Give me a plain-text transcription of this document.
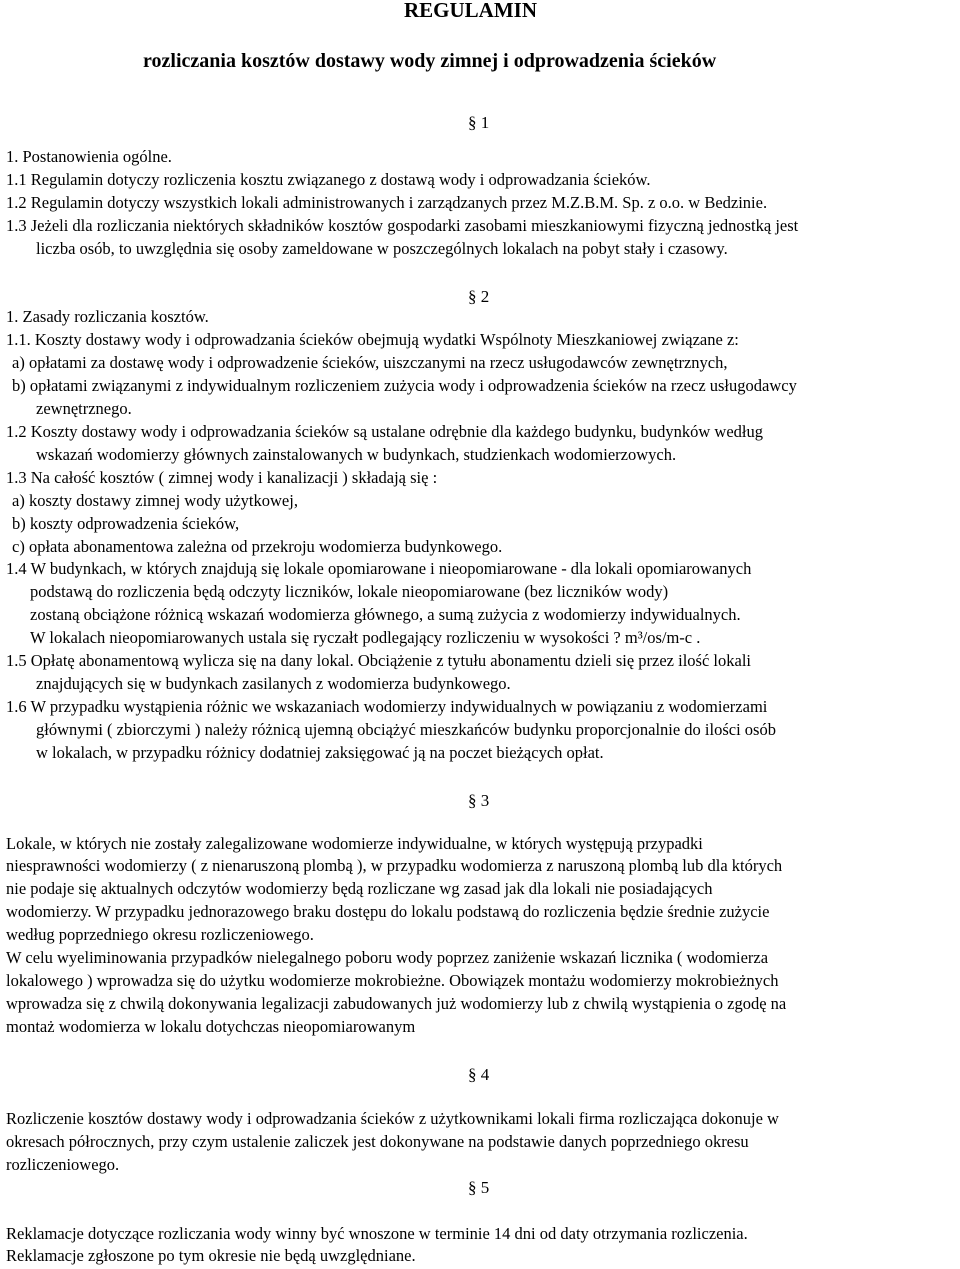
REGULAMIN
rozliczania kosztów dostawy wody zimnej i odprowadzenia ścieków
§ 1
1. Postanowienia ogólne.
1.1 Regulamin dotyczy rozliczenia kosztu związanego z dostawą wody i odprowadzania ścieków.
1.2 Regulamin dotyczy wszystkich lokali administrowanych i zarządzanych przez M.Z.B.M. Sp. z o.o. w Bedzinie.
1.3 Jeżeli dla rozliczania niektórych składników kosztów gospodarki zasobami mieszkaniowymi fizyczną jednostką jest
liczba osób, to uwzględnia się osoby zameldowane w poszczególnych lokalach na pobyt stały i czasowy.
§ 2
1. Zasady rozliczania kosztów.
1.1. Koszty dostawy wody i odprowadzania ścieków obejmują wydatki Wspólnoty Mieszkaniowej związane z:
a) opłatami za dostawę wody i odprowadzenie ścieków, uiszczanymi na rzecz usługodawców zewnętrznych,
b) opłatami związanymi z indywidualnym rozliczeniem zużycia wody i odprowadzenia ścieków na rzecz usługodawcy
zewnętrznego.
1.2 Koszty dostawy wody i odprowadzania ścieków są ustalane odrębnie dla każdego budynku, budynków według
wskazań wodomierzy głównych zainstalowanych w budynkach, studzienkach wodomierzowych.
1.3 Na całość kosztów ( zimnej wody i kanalizacji ) składają się :
a) koszty dostawy zimnej wody użytkowej,
b) koszty odprowadzenia ścieków,
c) opłata abonamentowa zależna od przekroju wodomierza budynkowego.
1.4 W budynkach, w których znajdują się lokale opomiarowane i nieopomiarowane - dla lokali opomiarowanych
podstawą do rozliczenia będą odczyty liczników, lokale nieopomiarowane (bez liczników wody)
zostaną obciążone różnicą wskazań wodomierza głównego, a sumą zużycia z wodomierzy indywidualnych.
W lokalach nieopomiarowanych ustala się ryczałt podlegający rozliczeniu w wysokości ? m³/os/m-c .
1.5 Opłatę abonamentową wylicza się na dany lokal. Obciążenie z tytułu abonamentu dzieli się przez ilość lokali
znajdujących się w budynkach zasilanych z wodomierza budynkowego.
1.6 W przypadku wystąpienia różnic we wskazaniach wodomierzy indywidualnych w powiązaniu z wodomierzami
głównymi ( zbiorczymi ) należy różnicą ujemną obciążyć mieszkańców budynku proporcjonalnie do ilości osób
w lokalach, w przypadku różnicy dodatniej zaksięgować ją na poczet bieżących opłat.
§ 3
Lokale, w których nie zostały zalegalizowane wodomierze indywidualne, w których występują przypadki
niesprawności wodomierzy ( z nienaruszoną plombą ), w przypadku wodomierza z naruszoną plombą lub dla których
nie podaje się aktualnych odczytów wodomierzy będą rozliczane wg zasad jak dla lokali nie posiadających
wodomierzy. W przypadku jednorazowego braku dostępu do lokalu podstawą do rozliczenia będzie średnie zużycie
według poprzedniego okresu rozliczeniowego.
W celu wyeliminowania przypadków nielegalnego poboru wody poprzez zaniżenie wskazań licznika ( wodomierza
lokalowego ) wprowadza się do użytku wodomierze mokrobieżne. Obowiązek montażu wodomierzy mokrobieżnych
wprowadza się z chwilą dokonywania legalizacji zabudowanych już wodomierzy lub z chwilą wystąpienia o zgodę na
montaż wodomierza w lokalu dotychczas nieopomiarowanym
§ 4
Rozliczenie kosztów dostawy wody i odprowadzania ścieków z użytkownikami lokali firma rozliczająca dokonuje w
okresach półrocznych, przy czym ustalenie zaliczek jest dokonywane na podstawie danych poprzedniego okresu
rozliczeniowego.
§ 5
Reklamacje dotyczące rozliczania wody winny być wnoszone w terminie 14 dni od daty otrzymania rozliczenia.
Reklamacje zgłoszone po tym okresie nie będą uwzględniane.
